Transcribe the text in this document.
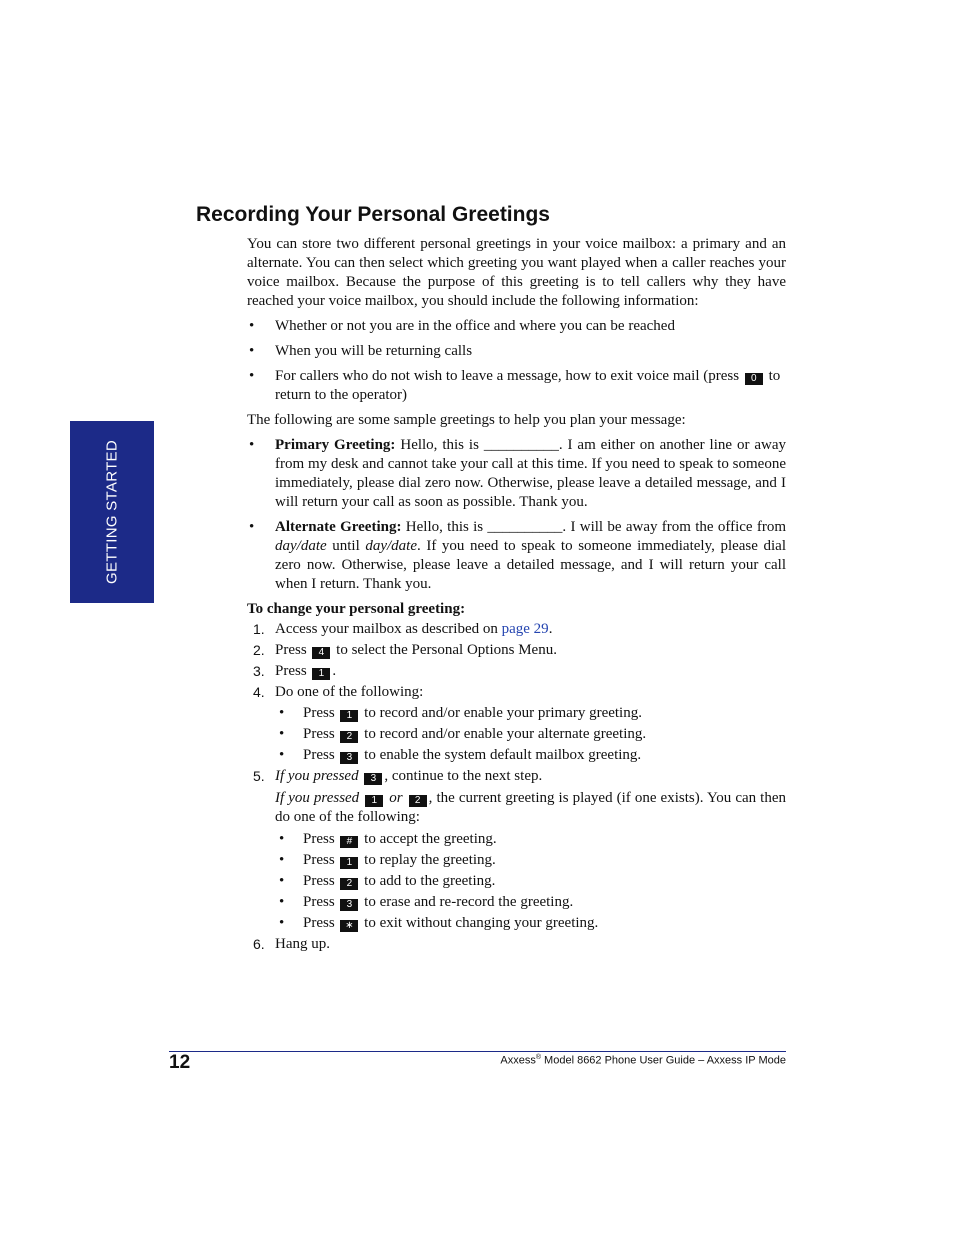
GETTING STARTED
Recording Your Personal Greetings

You can store two different personal greetings in your voice mailbox: a primary and an alternate. You can then select which greeting you want played when a caller reaches your voice mailbox. Because the purpose of this greeting is to tell callers why they have reached your voice mailbox, you should include the following information:

• Whether or not you are in the office and where you can be reached
• When you will be returning calls
• For callers who do not wish to leave a message, how to exit voice mail (press 0 to return to the operator)

The following are some sample greetings to help you plan your message:

• Primary Greeting: Hello, this is __________. I am either on another line or away from my desk and cannot take your call at this time. If you need to speak to someone immediately, please dial zero now. Otherwise, please leave a detailed message, and I will return your call as soon as possible. Thank you.
• Alternate Greeting: Hello, this is __________. I will be away from the office from day/date until day/date. If you need to speak to someone immediately, please dial zero now. Otherwise, please leave a detailed message, and I will return your call when I return. Thank you.

To change your personal greeting:

1. Access your mailbox as described on page 29.
2. Press 4 to select the Personal Options Menu.
3. Press 1 .
4. Do one of the following:
• Press 1 to record and/or enable your primary greeting.
• Press 2 to record and/or enable your alternate greeting.
• Press 3 to enable the system default mailbox greeting.
5. If you pressed 3 , continue to the next step.

If you pressed 1 or 2 , the current greeting is played (if one exists). You can then do one of the following:

• Press # to accept the greeting.
• Press 1 to replay the greeting.
• Press 2 to add to the greeting.
• Press 3 to erase and re-record the greeting.
• Press ∗ to exit without changing your greeting.
6. Hang up.
12	Axxess® Model 8662 Phone User Guide – Axxess IP Mode
